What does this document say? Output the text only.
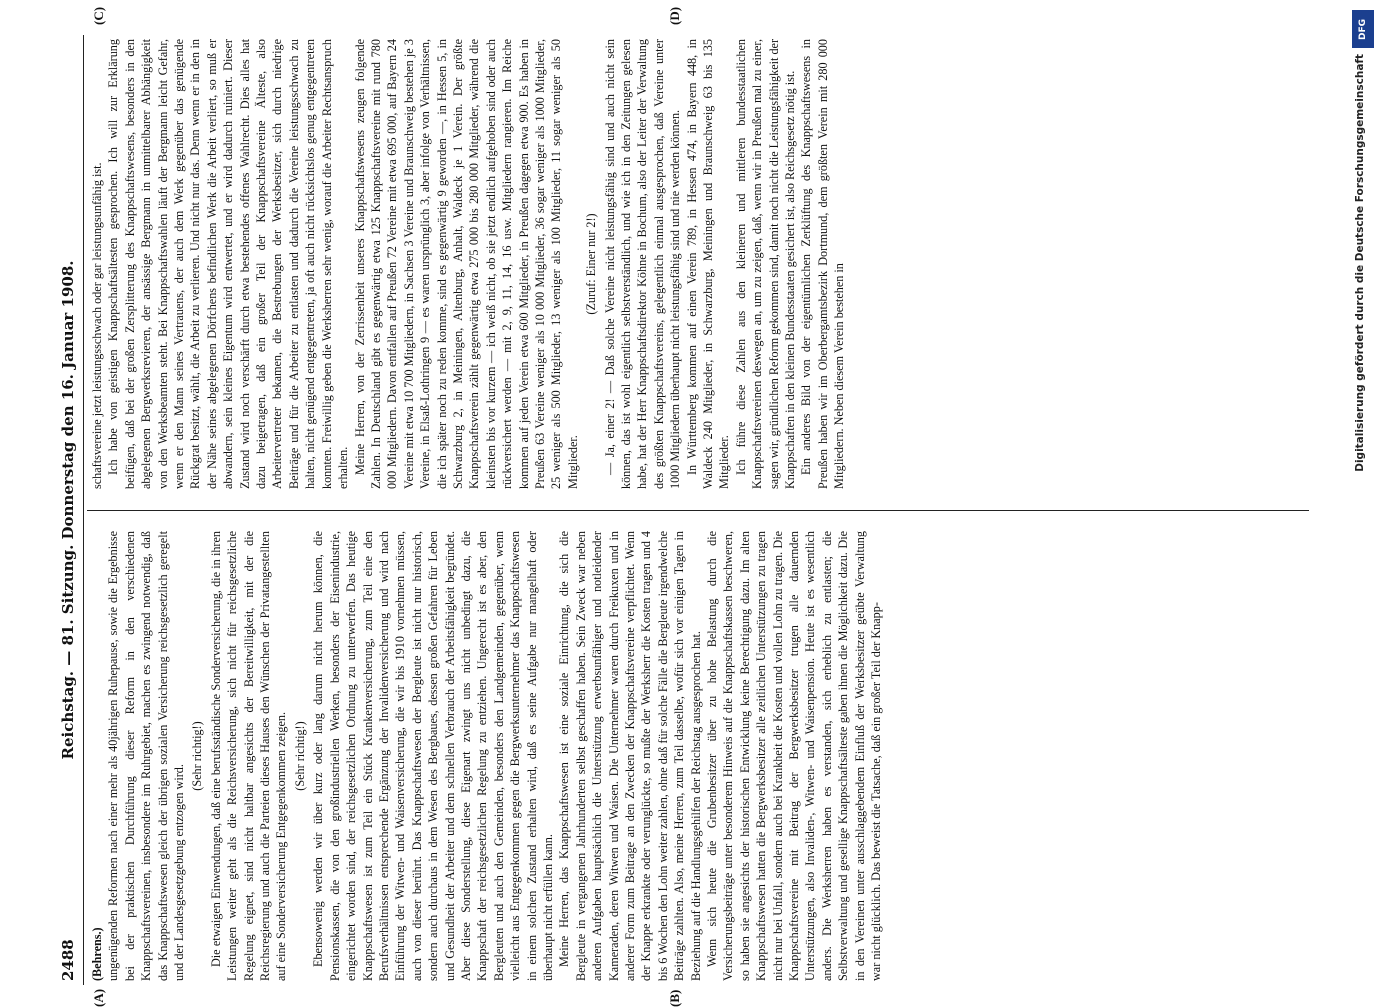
2488
Reichstag. — 81. Sitzung. Donnerstag den 16. Januar 1908.
(A)	(B)
(C)	(D)

(Behrens.) ungenügenden Reformen nach einer mehr als 40jährigen Ruhepause, sowie die Ergebnisse bei der praktischen Durchführung dieser Reform in den verschiedenen Knappschaftsvereinen, insbesondere im Ruhrgebiet, machen es zwingend notwendig, daß das Knappschaftswesen gleich der übrigen sozialen Versicherung reichsgesetzlich geregelt und der Landesgesetzgebung entzogen wird.

(Sehr richtig!) Die etwaigen Einwendungen, daß eine berufsständische Sonderversicherung, die in ihren Leistungen weiter geht als die Reichsversicherung, sich nicht für reichsgesetzliche Regelung eignet, sind nicht haltbar angesichts der Bereitwilligkeit, mit der die Reichsregierung und auch die Parteien dieses Hauses den Wünschen der Privatangestellten auf eine Sonderversicherung Entgegenkommen zeigen. (Sehr richtig!) Ebensowenig werden wir über kurz oder lang darum nicht herum können, die Pensionskassen, die von den großindustriellen Werken, besonders der Eisenindustrie, eingerichtet worden sind, der reichsgesetzlichen Ordnung zu unterwerfen. Das heutige Knappschaftswesen ist zum Teil ein Stück Krankenversicherung, zum Teil eine den Berufsverhältnissen entsprechende Ergänzung der Invalidenversicherung und wird nach Einführung der Witwen- und Waisenversicherung, die wir bis 1910 vornehmen müssen, auch von dieser berührt. Das Knappschaftswesen der Bergleute ist nicht nur historisch, sondern auch durchaus in dem Wesen des Bergbaues, dessen großen Gefahren für Leben und Gesundheit der Arbeiter und dem schnellen Verbrauch der Arbeitsfähigkeit begründet. Aber diese Sonderstellung, diese Eigenart zwingt uns nicht unbedingt dazu, die Knappschaft der reichsgesetzlichen Regelung zu entziehen. Ungerecht ist es aber, den Bergleuten und auch den Gemeinden, besonders den Landgemeinden, gegenüber, wenn vielleicht aus Entgegenkommen gegen die Bergwerksunternehmer das Knappschaftswesen in einem solchen Zustand erhalten wird, daß es seine Aufgabe nur mangelhaft oder überhaupt nicht erfüllen kann. Meine Herren, das Knappschaftswesen ist eine soziale Einrichtung, die sich die Bergleute in vergangenen Jahrhunderten selbst geschaffen haben. Sein Zweck war neben anderen Aufgaben hauptsächlich die Unterstützung erwerbsunfähiger und notleidender Kameraden, deren Witwen und Waisen. Die Unternehmer waren durch Freikuxen und in anderer Form zum Beitrage an den Zwecken der Knappschaftsvereine verpflichtet. Wenn der Knappe erkrankte oder verunglückte, so mußte der Werksherr die Kosten tragen und 4 bis 6 Wochen den Lohn weiter zahlen, ohne daß für solche Fälle die Bergleute irgendwelche Beiträge zahlten. Also, meine Herren, zum Teil dasselbe, wofür sich vor einigen Tagen in Beziehung auf die Handlungsgehilfen der Reichstag ausgesprochen hat. Wenn sich heute die Grubenbesitzer über zu hohe Belastung durch die Versicherungsbeiträge unter besonderem Hinweis auf die Knappschaftskassen beschweren, so haben sie angesichts der historischen Entwicklung keine Berechtigung dazu. Im alten Knappschaftswesen hatten die Bergwerksbesitzer alle zeitlichen Unterstützungen zu tragen nicht nur bei Unfall, sondern auch bei Krankheit die Kosten und vollen Lohn zu tragen. Die Knappschaftsvereine mit Beitrag der Bergwerksbesitzer trugen alle dauernden Unterstützungen, also Invaliden-, Witwen- und Waisenpension. Heute ist es wesentlich anders. Die Werksherren haben es verstanden, sich erheblich zu entlasten; die Selbstverwaltung und gesellige Knappschaftsälteste gaben ihnen die Möglichkeit dazu. Die in den Vereinen unter ausschlaggebendem Einfluß der Werksbesitzer geübte Verwaltung war nicht glücklich. Das beweist die Tatsache, daß ein großer Teil der Knapp-

schaftsvereine jetzt leistungsschwach oder gar leistungsunfähig ist. Ich habe von geistigen Knappschaftsältesten gesprochen. Ich will zur Erklärung beifügen, daß bei der großen Zersplitterung des Knappschaftswesens, besonders in den abgelegenen Bergwerksrevieren, der ansässige Bergmann in unmittelbarer Abhängigkeit von den Werksbeamten steht. Bei Knappschaftswahlen läuft der Bergmann leicht Gefahr, wenn er den Mann seines Vertrauens, der auch dem Werk gegenüber das genügende Rückgrat besitzt, wählt, die Arbeit zu verlieren. Und nicht nur das. Denn wenn er in den in der Nähe seines abgelegenen Dörfchens befindlichen Werk die Arbeit verliert, so muß er abwandern, sein kleines Eigentum wird entwertet, und er wird dadurch ruiniert. Dieser Zustand wird noch verschärft durch etwa bestehendes offenes Wahlrecht. Dies alles hat dazu beigetragen, daß ein großer Teil der Knappschaftsvereine Älteste, also Arbeitervertreter bekamen, die Bestrebungen der Werksbesitzer, sich durch niedrige Beiträge und für die Arbeiter zu entlasten und dadurch die Vereine leistungsschwach zu halten, nicht genügend entgegentreten, ja oft auch nicht rücksichtslos genug entgegentreten konnten. Freiwillig geben die Werksherren sehr wenig, worauf die Arbeiter Rechtsanspruch erhalten. Meine Herren, von der Zerrissenheit unseres Knappschaftswesens zeugen folgende Zahlen. In Deutschland gibt es gegenwärtig etwa 125 Knappschaftsvereine mit rund 780 000 Mitgliedern. Davon entfallen auf Preußen 72 Vereine mit etwa 695 000, auf Bayern 24 Vereine mit etwa 10 700 Mitgliedern, in Sachsen 3 Vereine und Braunschweig bestehen je 3 Vereine, in Elsaß-Lothringen 9 — es waren ursprünglich 3, aber infolge von Verhältnissen, die ich später noch zu reden komme, sind es gegenwärtig 9 geworden —, in Hessen 5, in Schwarzburg 2, in Meiningen, Altenburg, Anhalt, Waldeck je 1 Verein. Der größte Knappschaftsverein zählt gegenwärtig etwa 275 000 bis 280 000 Mitglieder, während die kleinsten bis vor kurzem — ich weiß nicht, ob sie jetzt endlich aufgehoben sind oder auch rückversichert werden — mit 2, 9, 11, 14, 16 usw. Mitgliedern rangieren. Im Reiche kommen auf jeden Verein etwa 600 Mitglieder, in Preußen dagegen etwa 900. Es haben in Preußen 63 Vereine weniger als 10 000 Mitglieder, 36 sogar weniger als 1000 Mitglieder, 25 weniger als 500 Mitglieder, 13 weniger als 100 Mitglieder, 11 sogar weniger als 50 Mitglieder.

(Zuruf: Einer nur 2!) — Ja, einer 2! — Daß solche Vereine nicht leistungsfähig sind und auch nicht sein können, das ist wohl eigentlich selbstverständlich, und wie ich in den Zeitungen gelesen habe, hat der Herr Knappschaftsdirektor Köhne in Bochum, also der Leiter der Verwaltung des größten Knappschaftsvereins, gelegentlich einmal ausgesprochen, daß Vereine unter 1000 Mitgliedern überhaupt nicht leistungsfähig sind und nie werden können. In Württemberg kommen auf einen Verein 789, in Hessen 474, in Bayern 448, in Waldeck 240 Mitglieder, in Schwarzburg, Meiningen und Braunschweig 63 bis 135 Mitglieder. Ich führe diese Zahlen aus den kleineren und mittleren bundesstaatlichen Knappschaftsvereinen deswegen an, um zu zeigen, daß, wenn wir in Preußen mal zu einer, sagen wir, gründlichen Reform gekommen sind, damit noch nicht die Leistungsfähigkeit der Knappschaften in den kleinen Bundesstaaten gesichert ist, also Reichsgesetz nötig ist. Ein anderes Bild von der eigentümlichen Zerklüftung des Knappschaftswesens in Preußen haben wir im Oberbergamtsbezirk Dortmund, dem größten Verein mit 280 000 Mitgliedern. Neben diesem Verein bestehen in

DFG
Digitalisierung gefördert durch die Deutsche Forschungsgemeinschaft
